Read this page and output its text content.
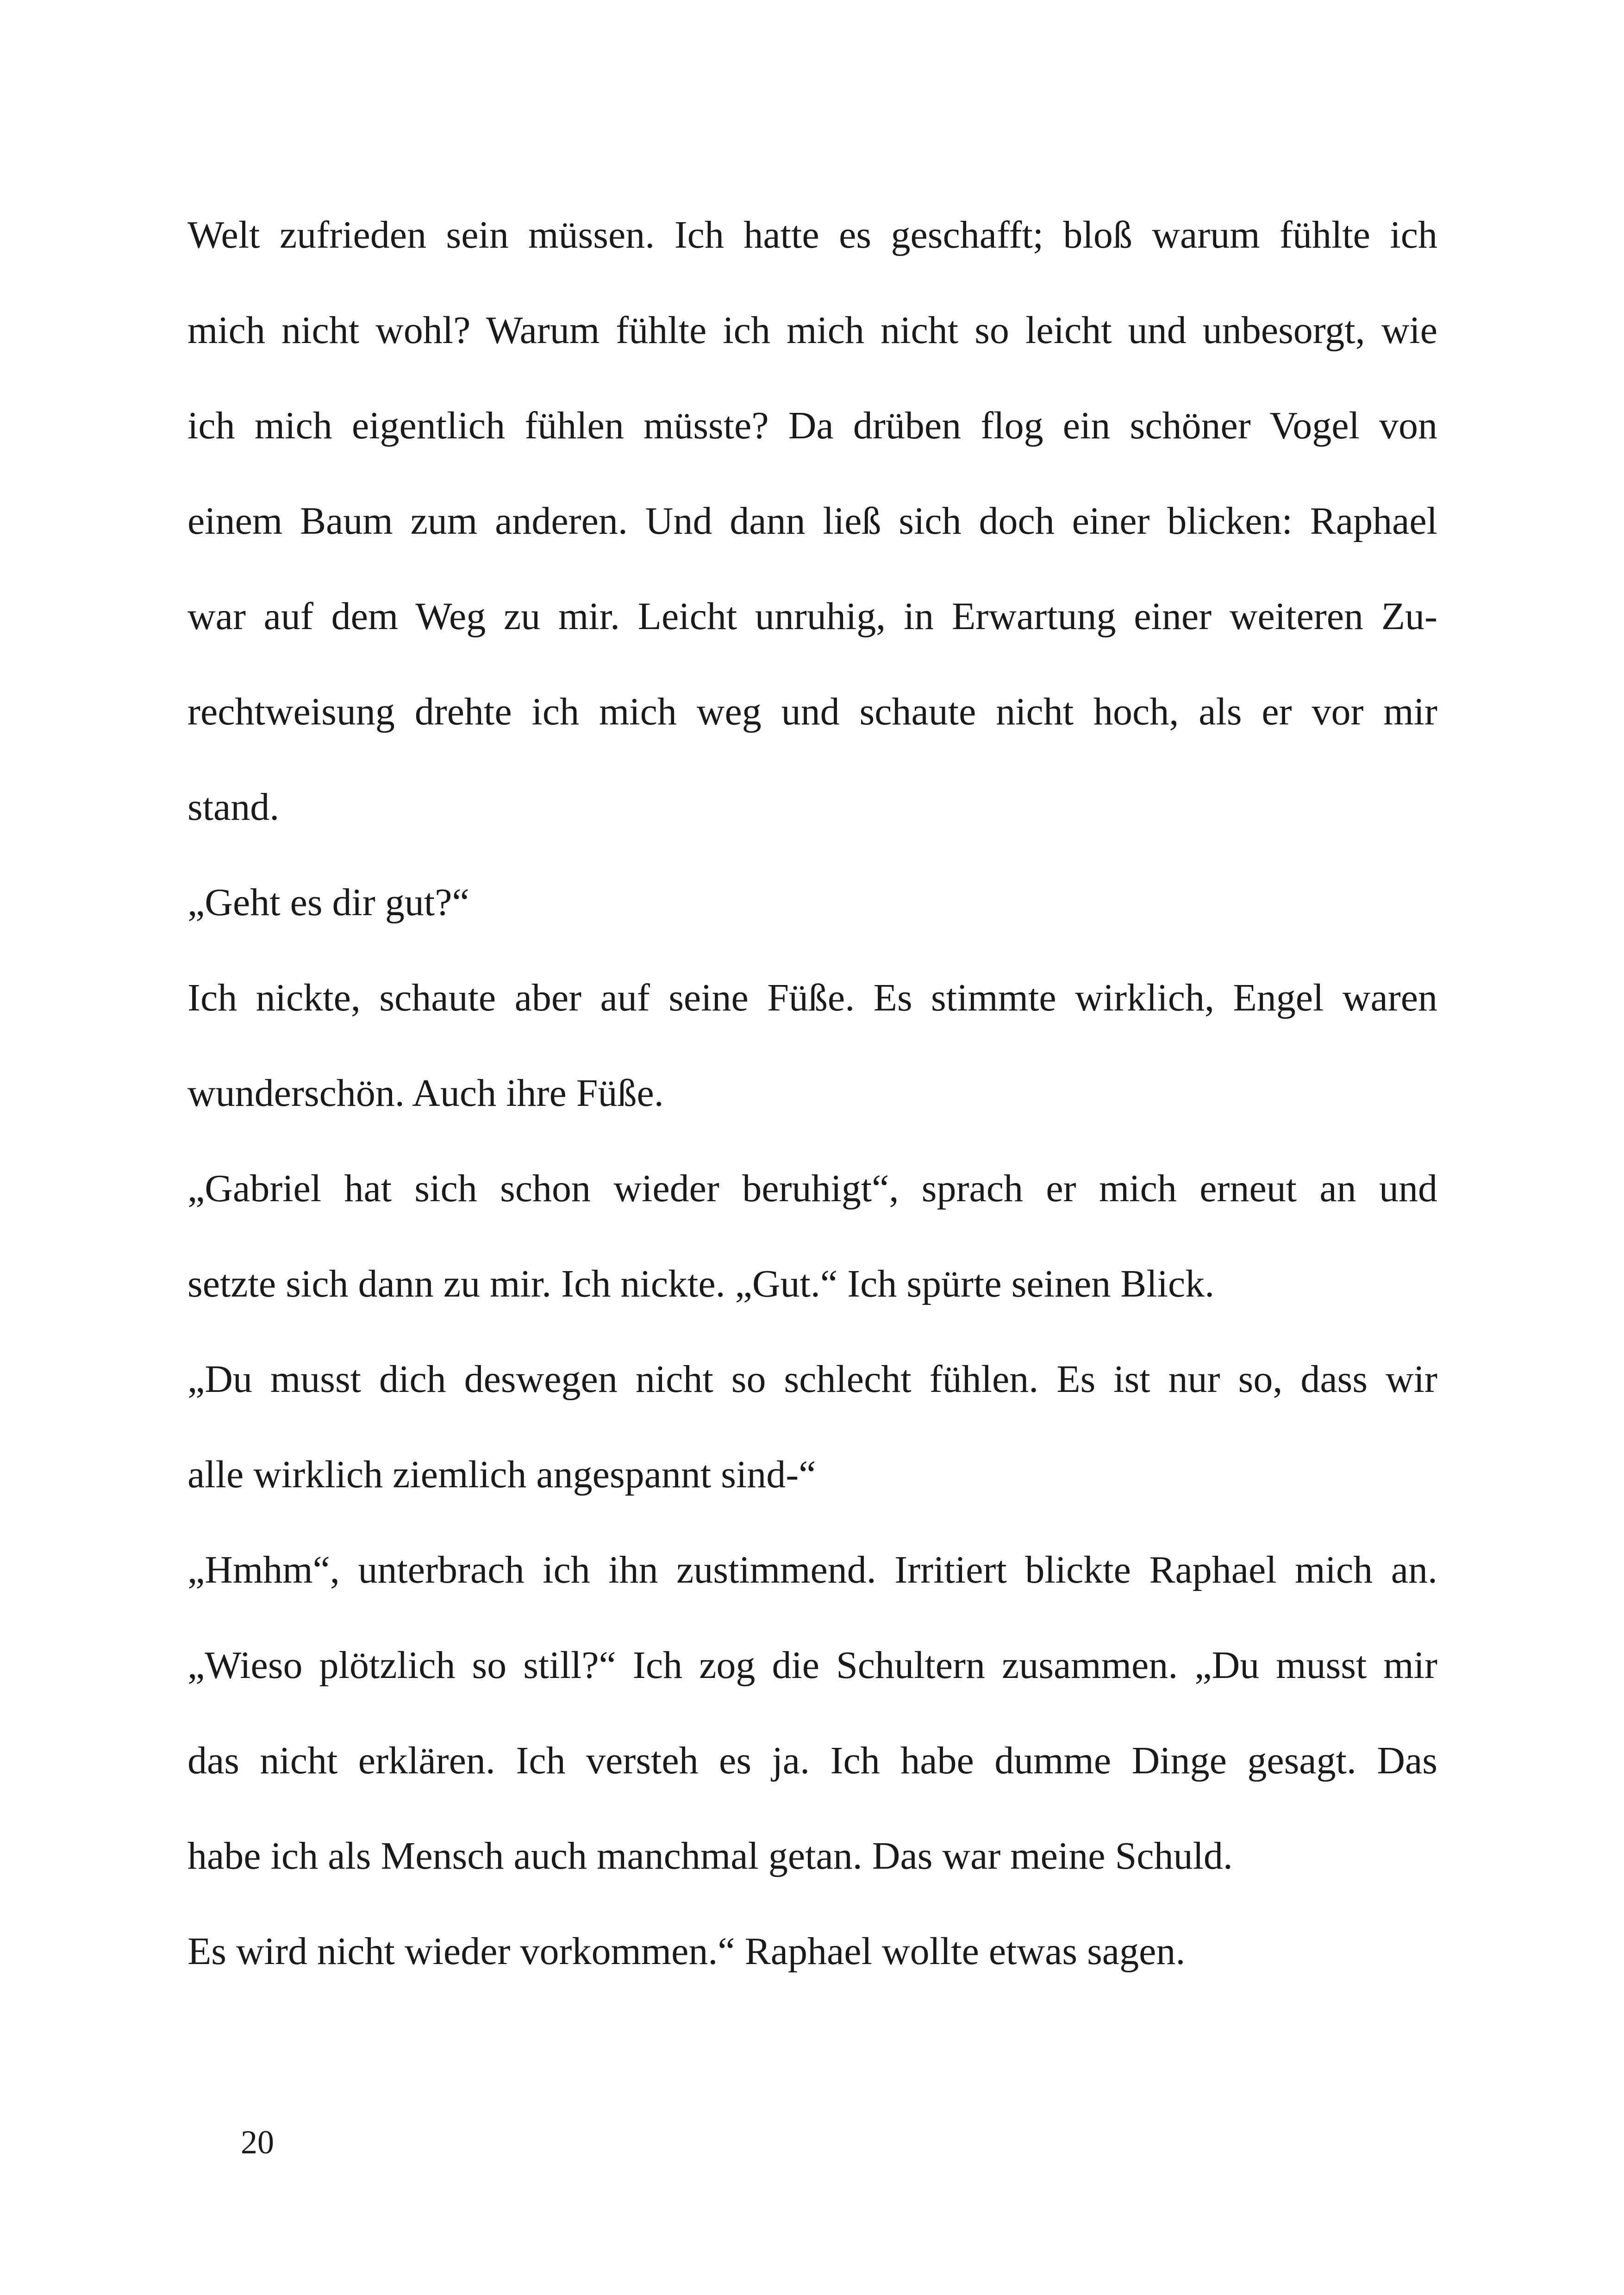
Welt zufrieden sein müssen. Ich hatte es geschafft; bloß warum fühlte ich
mich nicht wohl? Warum fühlte ich mich nicht so leicht und unbesorgt, wie
ich mich eigentlich fühlen müsste? Da drüben flog ein schöner Vogel von
einem Baum zum anderen. Und dann ließ sich doch einer blicken: Raphael
war auf dem Weg zu mir. Leicht unruhig, in Erwartung einer weiteren Zu-
rechtweisung drehte ich mich weg und schaute nicht hoch, als er vor mir
stand.
„Geht es dir gut?“
Ich nickte, schaute aber auf seine Füße. Es stimmte wirklich, Engel waren
wunderschön. Auch ihre Füße.
„Gabriel hat sich schon wieder beruhigt“, sprach er mich erneut an und
setzte sich dann zu mir. Ich nickte. „Gut.“ Ich spürte seinen Blick.
„Du musst dich deswegen nicht so schlecht fühlen. Es ist nur so, dass wir
alle wirklich ziemlich angespannt sind-“
„Hmhm“, unterbrach ich ihn zustimmend. Irritiert blickte Raphael mich an.
„Wieso plötzlich so still?“ Ich zog die Schultern zusammen. „Du musst mir
das nicht erklären. Ich versteh es ja. Ich habe dumme Dinge gesagt. Das
habe ich als Mensch auch manchmal getan. Das war meine Schuld.
Es wird nicht wieder vorkommen.“ Raphael wollte etwas sagen.
20
